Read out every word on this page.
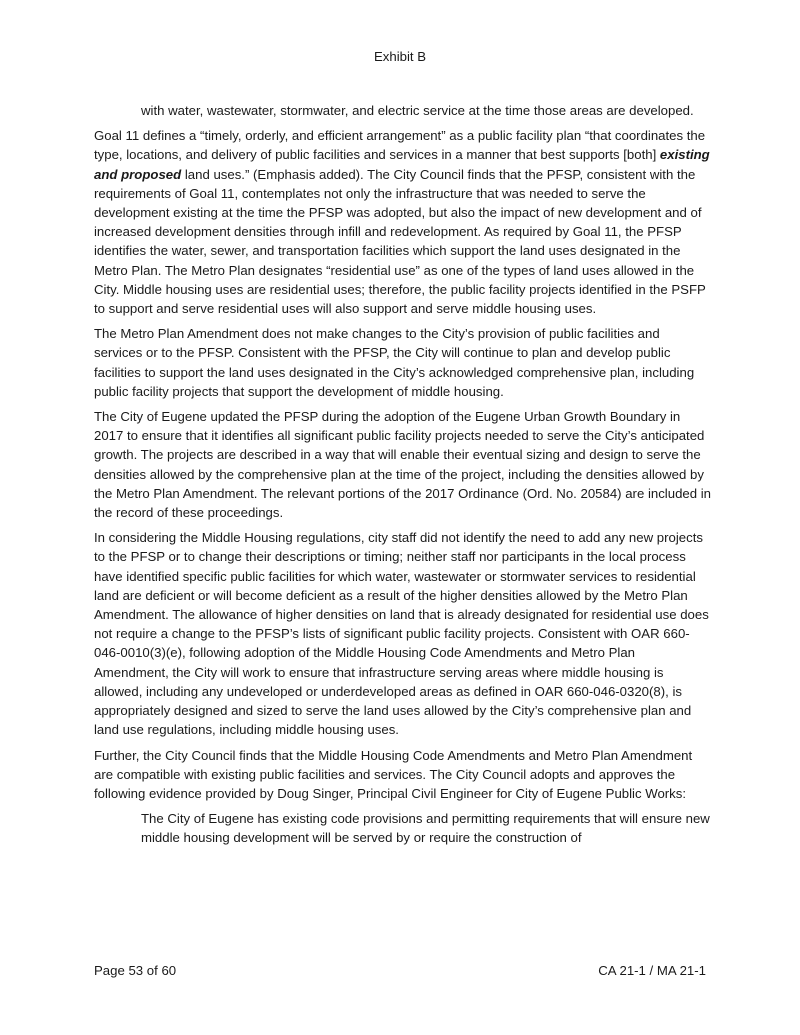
Exhibit B

with water, wastewater, stormwater, and electric service at the time those areas are developed.

Goal 11 defines a “timely, orderly, and efficient arrangement” as a public facility plan “that coordinates the type, locations, and delivery of public facilities and services in a manner that best supports [both] existing and proposed land uses.” (Emphasis added). The City Council finds that the PFSP, consistent with the requirements of Goal 11, contemplates not only the infrastructure that was needed to serve the development existing at the time the PFSP was adopted, but also the impact of new development and of increased development densities through infill and redevelopment. As required by Goal 11, the PFSP identifies the water, sewer, and transportation facilities which support the land uses designated in the Metro Plan. The Metro Plan designates “residential use” as one of the types of land uses allowed in the City. Middle housing uses are residential uses; therefore, the public facility projects identified in the PSFP to support and serve residential uses will also support and serve middle housing uses.

The Metro Plan Amendment does not make changes to the City’s provision of public facilities and services or to the PFSP. Consistent with the PFSP, the City will continue to plan and develop public facilities to support the land uses designated in the City’s acknowledged comprehensive plan, including public facility projects that support the development of middle housing.

The City of Eugene updated the PFSP during the adoption of the Eugene Urban Growth Boundary in 2017 to ensure that it identifies all significant public facility projects needed to serve the City’s anticipated growth. The projects are described in a way that will enable their eventual sizing and design to serve the densities allowed by the comprehensive plan at the time of the project, including the densities allowed by the Metro Plan Amendment. The relevant portions of the 2017 Ordinance (Ord. No. 20584) are included in the record of these proceedings.

In considering the Middle Housing regulations, city staff did not identify the need to add any new projects to the PFSP or to change their descriptions or timing; neither staff nor participants in the local process have identified specific public facilities for which water, wastewater or stormwater services to residential land are deficient or will become deficient as a result of the higher densities allowed by the Metro Plan Amendment. The allowance of higher densities on land that is already designated for residential use does not require a change to the PFSP’s lists of significant public facility projects. Consistent with OAR 660-046-0010(3)(e), following adoption of the Middle Housing Code Amendments and Metro Plan Amendment, the City will work to ensure that infrastructure serving areas where middle housing is allowed, including any undeveloped or underdeveloped areas as defined in OAR 660-046-0320(8), is appropriately designed and sized to serve the land uses allowed by the City’s comprehensive plan and land use regulations, including middle housing uses.

Further, the City Council finds that the Middle Housing Code Amendments and Metro Plan Amendment are compatible with existing public facilities and services. The City Council adopts and approves the following evidence provided by Doug Singer, Principal Civil Engineer for City of Eugene Public Works:

The City of Eugene has existing code provisions and permitting requirements that will ensure new middle housing development will be served by or require the construction of

Page 53 of 60	CA 21-1 / MA 21-1
